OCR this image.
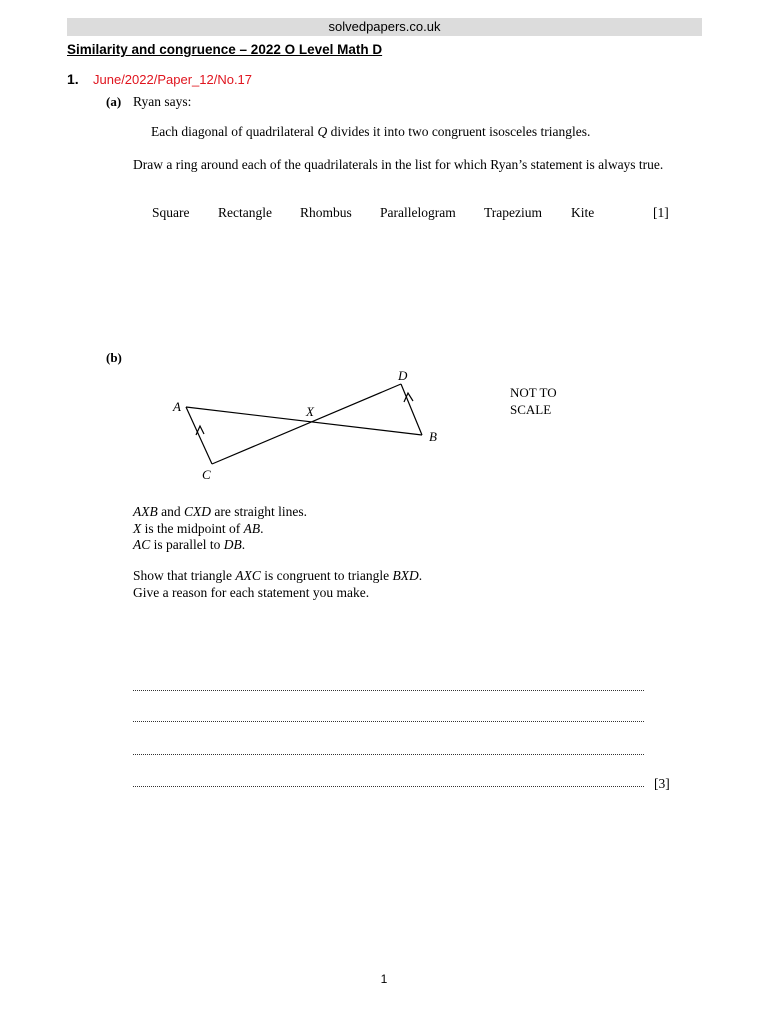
solvedpapers.co.uk
Similarity and congruence – 2022 O Level Math D
1. June/2022/Paper_12/No.17
(a) Ryan says:
Each diagonal of quadrilateral Q divides it into two congruent isosceles triangles.
Draw a ring around each of the quadrilaterals in the list for which Ryan’s statement is always true.
Square Rectangle Rhombus Parallelogram Trapezium Kite	[1]
(b)
A
B
C
D
X
NOT TO
SCALE
AXB and CXD are straight lines.
X is the midpoint of AB.
AC is parallel to DB.
Show that triangle AXC is congruent to triangle BXD.
Give a reason for each statement you make.
[3]
1
